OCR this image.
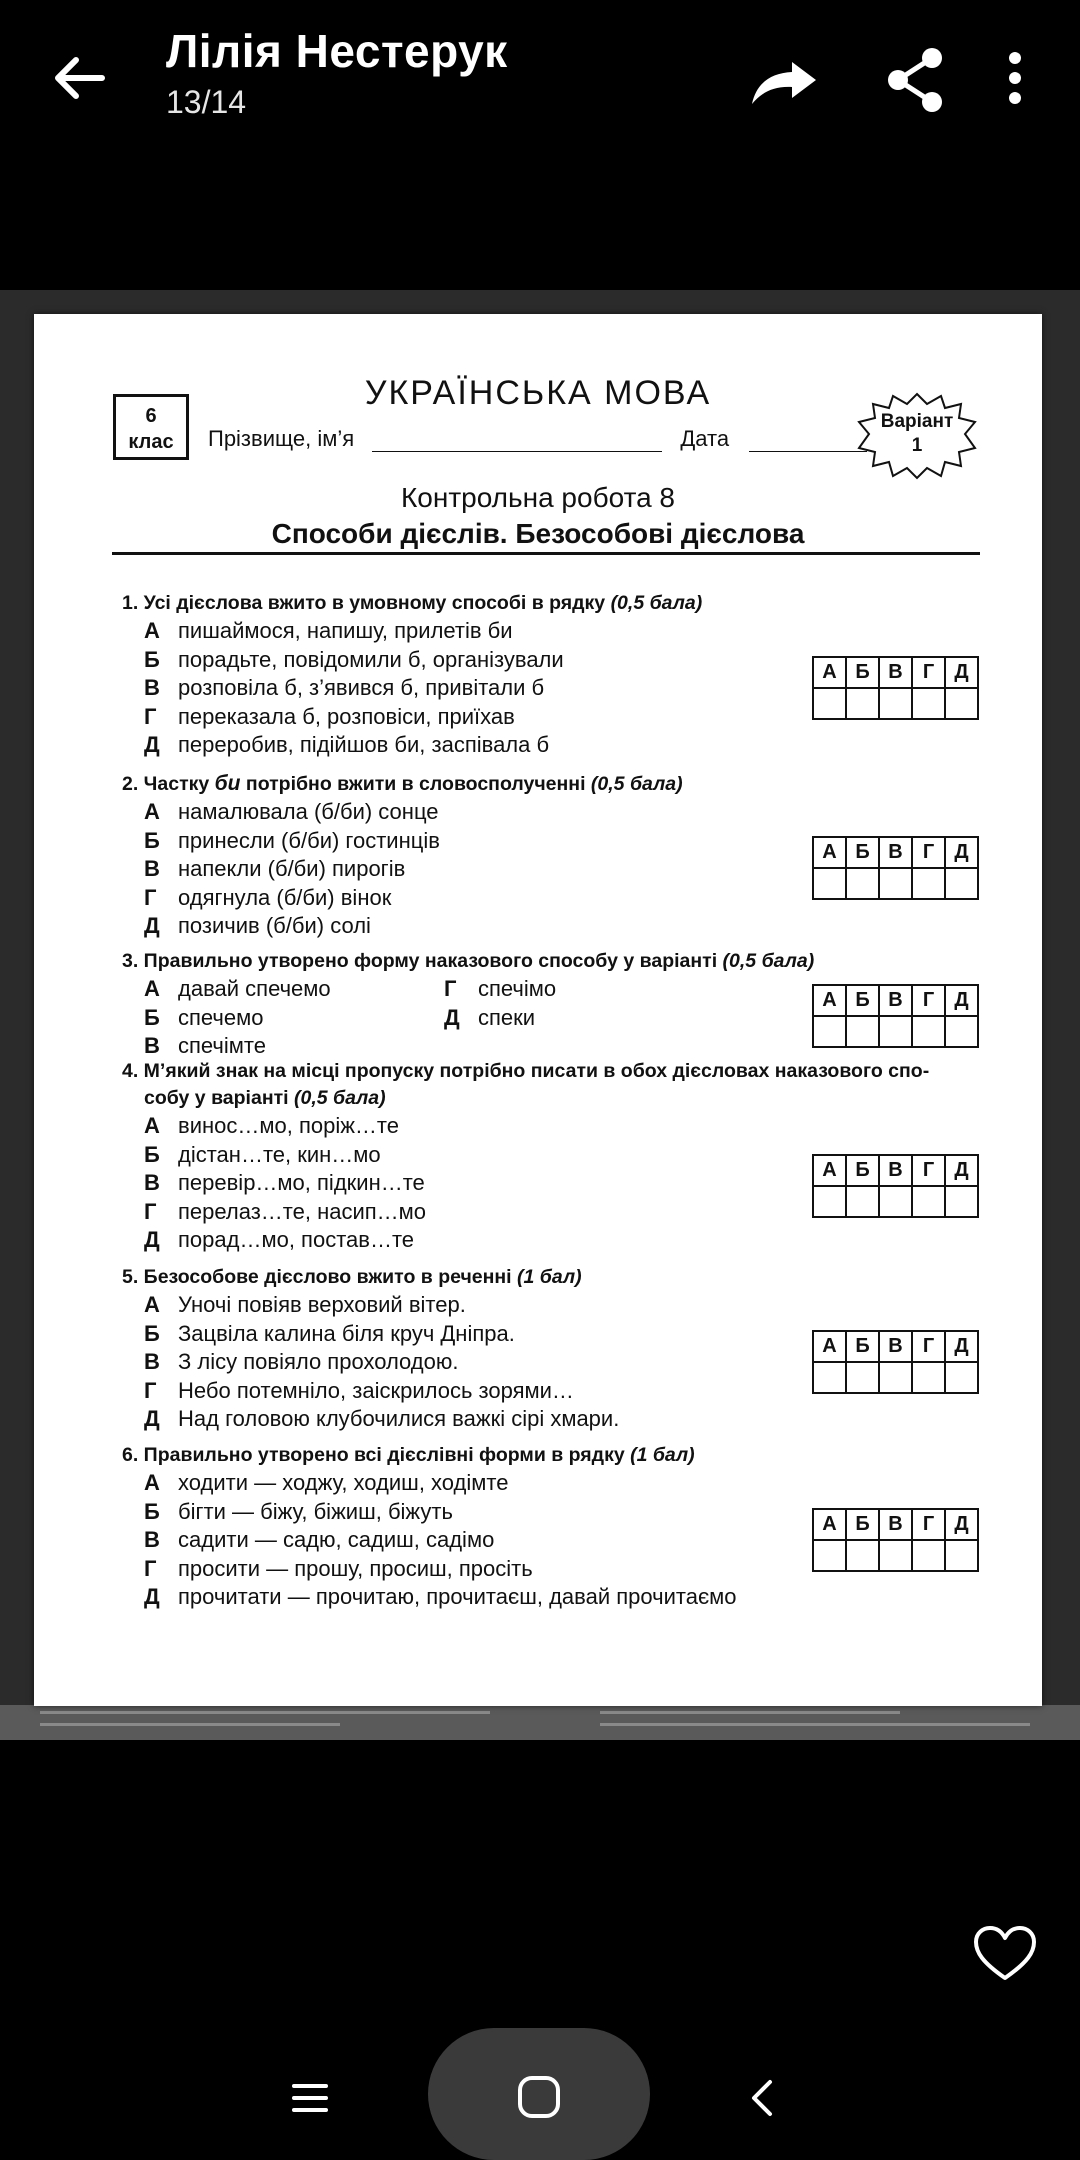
Лілія Нестерук
13/14
6
клас
УКРАЇНСЬКА МОВА
Прізвище, ім’я	Дата
Варіант
1
Контрольна робота 8
Способи дієслів. Безособові дієслова
1. Усі дієслова вжито в умовному способі в рядку (0,5 бала)
А пишаймося, напишу, прилетів би
Б порадьте, повідомили б, організували
В розповіла б, з’явився б, привітали б
Г переказала б, розповіси, приїхав
Д переробив, підійшов би, заспівала б
А	Б	В	Г	Д

2. Частку би потрібно вжити в словосполученні (0,5 бала)
А намалювала (б/би) сонце
Б принесли (б/би) гостинців
В напекли (б/би) пирогів
Г одягнула (б/би) вінок
Д позичив (б/би) солі
А	Б	В	Г	Д

3. Правильно утворено форму наказового способу у варіанті (0,5 бала)
А давай спечемо
Б спечемо
В спечімте
Г спечімо
Д спеки
А	Б	В	Г	Д

4. М’який знак на місці пропуску потрібно писати в обох дієсловах наказового спо-
собу у варіанті (0,5 бала)
А винос…мо, поріж…те
Б дістан…те, кин…мо
В перевір…мо, підкин…те
Г перелаз…те, насип…мо
Д порад…мо, постав…те
А	Б	В	Г	Д

5. Безособове дієслово вжито в реченні (1 бал)
А Уночі повіяв верховий вітер.
Б Зацвіла калина біля круч Дніпра.
В З лісу повіяло прохолодою.
Г Небо потемніло, заіскрилось зорями…
Д Над головою клубочилися важкі сірі хмари.
А	Б	В	Г	Д

6. Правильно утворено всі дієслівні форми в рядку (1 бал)
А ходити — ходжу, ходиш, ходімте
Б бігти — біжу, біжиш, біжуть
В садити — садю, садиш, садімо
Г просити — прошу, просиш, просіть
Д прочитати — прочитаю, прочитаєш, давай прочитаємо
А	Б	В	Г	Д
